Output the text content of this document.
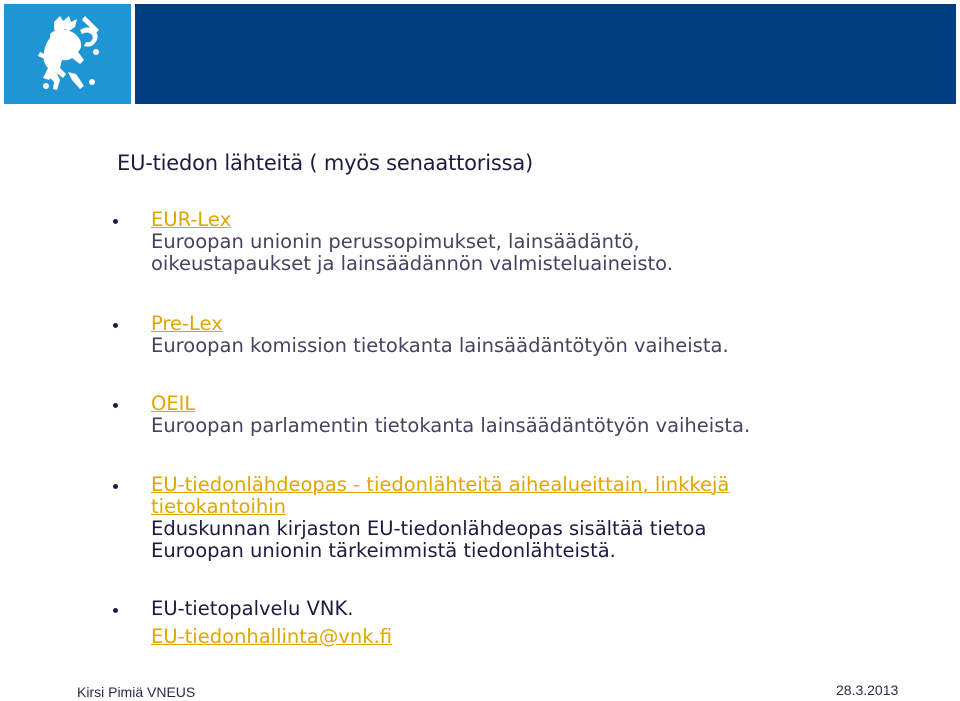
EU-tiedon lähteitä ( myös senaattorissa)
EUR-Lex
Euroopan unionin perussopimukset, lainsäädäntö,
oikeustapaukset ja lainsäädännön valmisteluaineisto.
Pre-Lex
Euroopan komission tietokanta lainsäädäntötyön vaiheista.
OEIL
Euroopan parlamentin tietokanta lainsäädäntötyön vaiheista.
EU-tiedonlähdeopas - tiedonlähteitä aihealueittain, linkkejä
tietokantoihin
Eduskunnan kirjaston EU-tiedonlähdeopas sisältää tietoa
Euroopan unionin tärkeimmistä tiedonlähteistä.
EU-tietopalvelu VNK.
EU-tiedonhallinta@vnk.fi
Kirsi Pimiä VNEUS	28.3.2013
